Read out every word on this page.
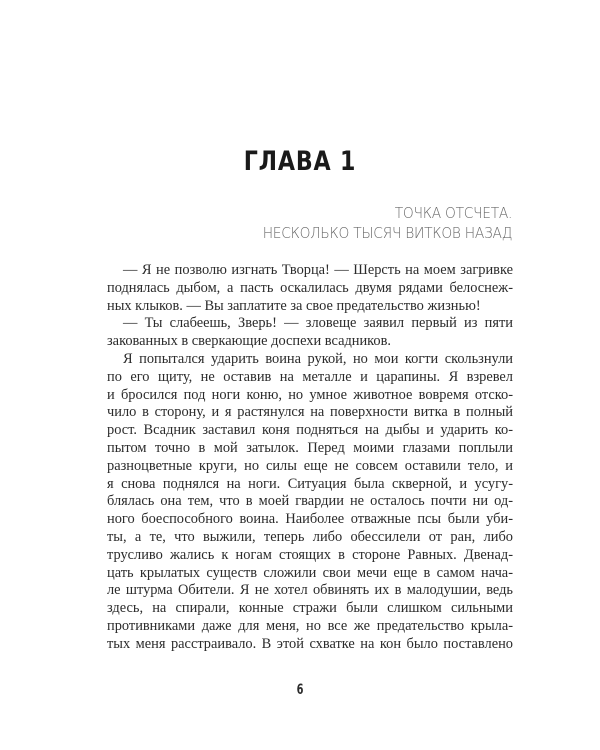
ГЛАВА 1
ТОЧКА ОТСЧЕТА.
НЕСКОЛЬКО ТЫСЯЧ ВИТКОВ НАЗАД
— Я не позволю изгнать Творца! — Шерсть на моем загривке
поднялась дыбом, а пасть оскалилась двумя рядами белоснеж-
ных клыков. — Вы заплатите за свое предательство жизнью!
— Ты слабеешь, Зверь! — зловеще заявил первый из пяти
закованных в сверкающие доспехи всадников.
Я попытался ударить воина рукой, но мои когти скользнули
по его щиту, не оставив на металле и царапины. Я взревел
и бросился под ноги коню, но умное животное вовремя отско-
чило в сторону, и я растянулся на поверхности витка в полный
рост. Всадник заставил коня подняться на дыбы и ударить ко-
пытом точно в мой затылок. Перед моими глазами поплыли
разноцветные круги, но силы еще не совсем оставили тело, и
я снова поднялся на ноги. Ситуация была скверной, и усугу-
блялась она тем, что в моей гвардии не осталось почти ни од-
ного боеспособного воина. Наиболее отважные псы были уби-
ты, а те, что выжили, теперь либо обессилели от ран, либо
трусливо жались к ногам стоящих в стороне Равных. Двенад-
цать крылатых существ сложили свои мечи еще в самом нача-
ле штурма Обители. Я не хотел обвинять их в малодушии, ведь
здесь, на спирали, конные стражи были слишком сильными
противниками даже для меня, но все же предательство крыла-
тых меня расстраивало. В этой схватке на кон было поставлено
6
